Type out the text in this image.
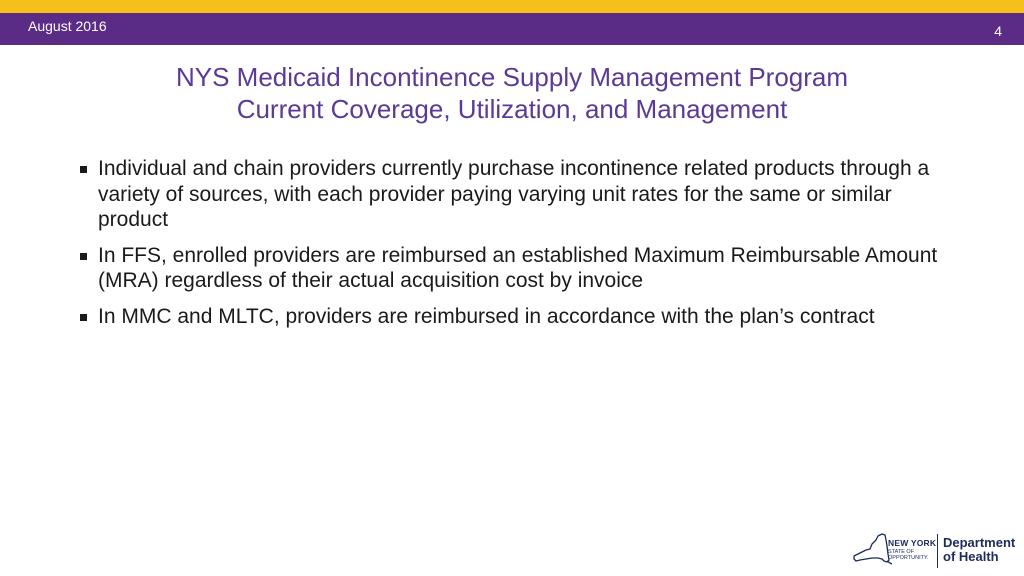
August 2016	4
NYS Medicaid Incontinence Supply Management Program
Current Coverage, Utilization, and Management
Individual and chain providers currently purchase incontinence related products through a variety of sources, with each provider paying varying unit rates for the same or similar product
In FFS, enrolled providers are reimbursed an established Maximum Reimbursable Amount (MRA) regardless of their actual acquisition cost by invoice
In MMC and MLTC, providers are reimbursed in accordance with the plan’s contract
NEW YORK
STATE OF OPPORTUNITY.
Department
of Health
